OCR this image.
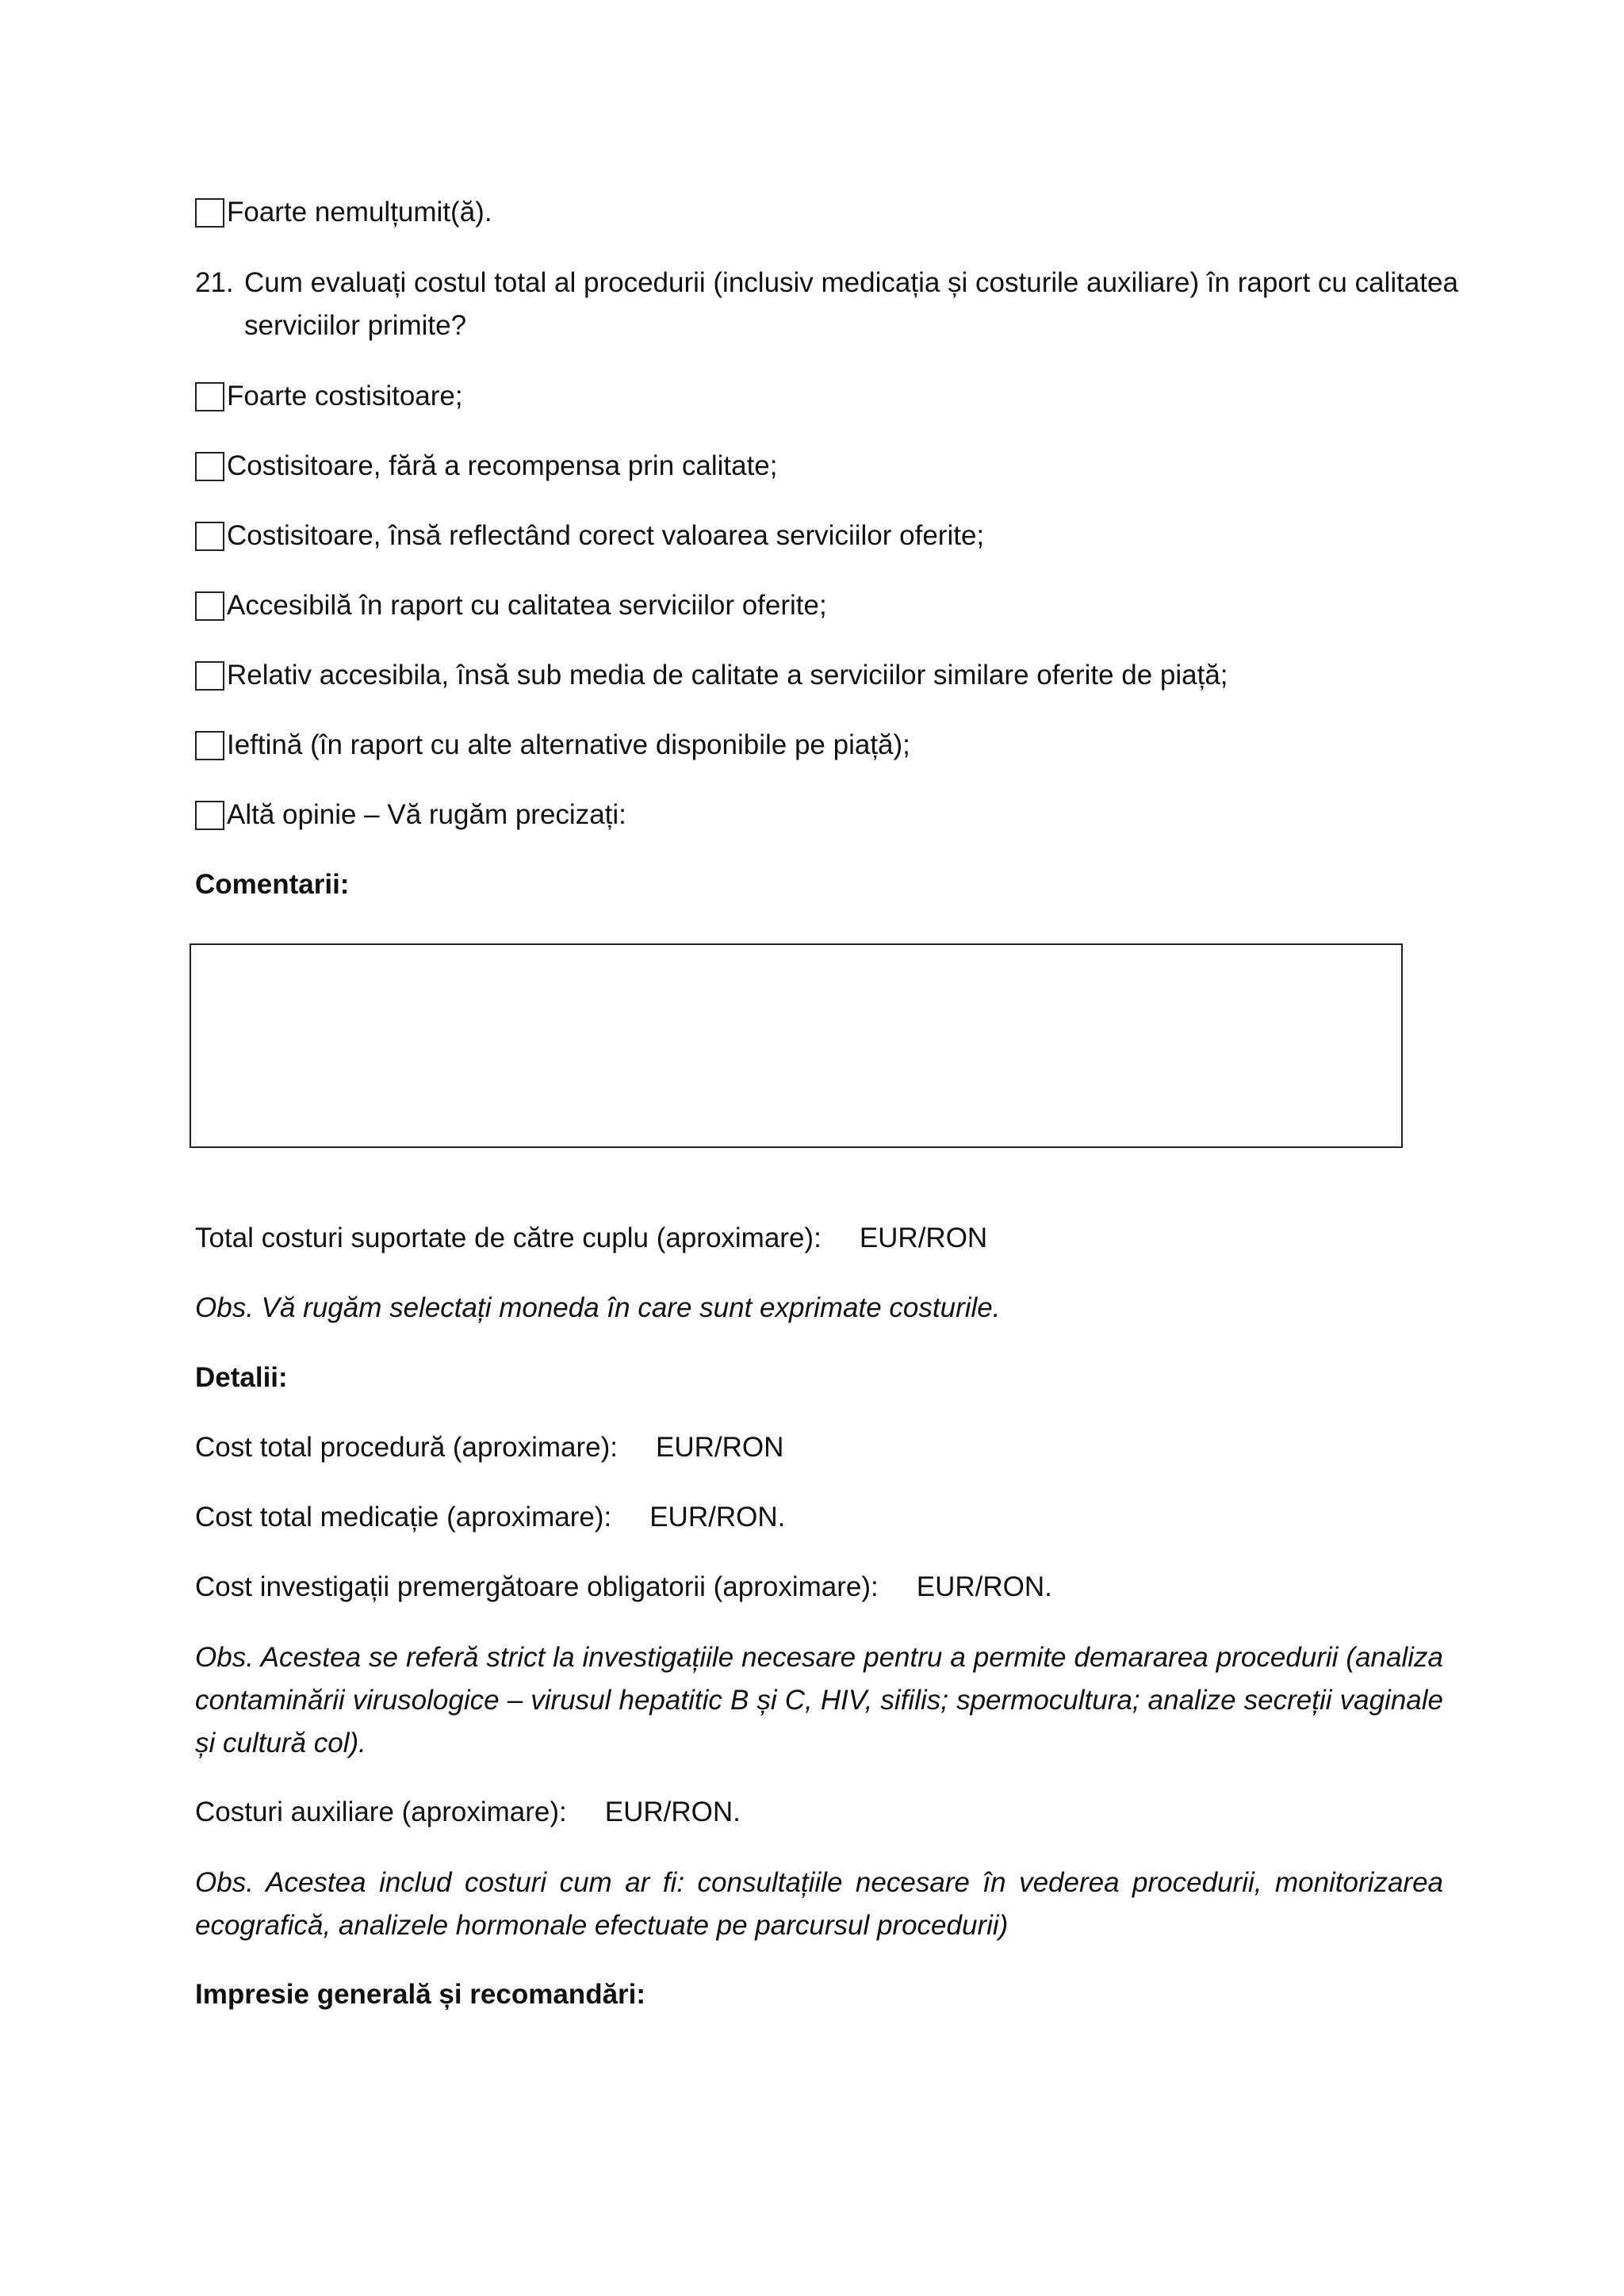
Foarte nemulțumit(ă).
21. Cum evaluați costul total al procedurii (inclusiv medicația și costurile auxiliare) în raport cu calitatea serviciilor primite?
Foarte costisitoare;
Costisitoare, fără a recompensa prin calitate;
Costisitoare, însă reflectând corect valoarea serviciilor oferite;
Accesibilă în raport cu calitatea serviciilor oferite;
Relativ accesibila, însă sub media de calitate a serviciilor similare oferite de piață;
Ieftină (în raport cu alte alternative disponibile pe piață);
Altă opinie – Vă rugăm precizați:
Comentarii:
Total costuri suportate de către cuplu (aproximare): EUR/RON
Obs. Vă rugăm selectați moneda în care sunt exprimate costurile.
Detalii:
Cost total procedură (aproximare): EUR/RON
Cost total medicație (aproximare): EUR/RON.
Cost investigații premergătoare obligatorii (aproximare): EUR/RON.
Obs. Acestea se referă strict la investigațiile necesare pentru a permite demararea procedurii (analiza contaminării virusologice – virusul hepatitic B și C, HIV, sifilis; spermocultura; analize secreții vaginale și cultură col).
Costuri auxiliare (aproximare): EUR/RON.
Obs. Acestea includ costuri cum ar fi: consultațiile necesare în vederea procedurii, monitorizarea ecografică, analizele hormonale efectuate pe parcursul procedurii)
Impresie generală și recomandări:
